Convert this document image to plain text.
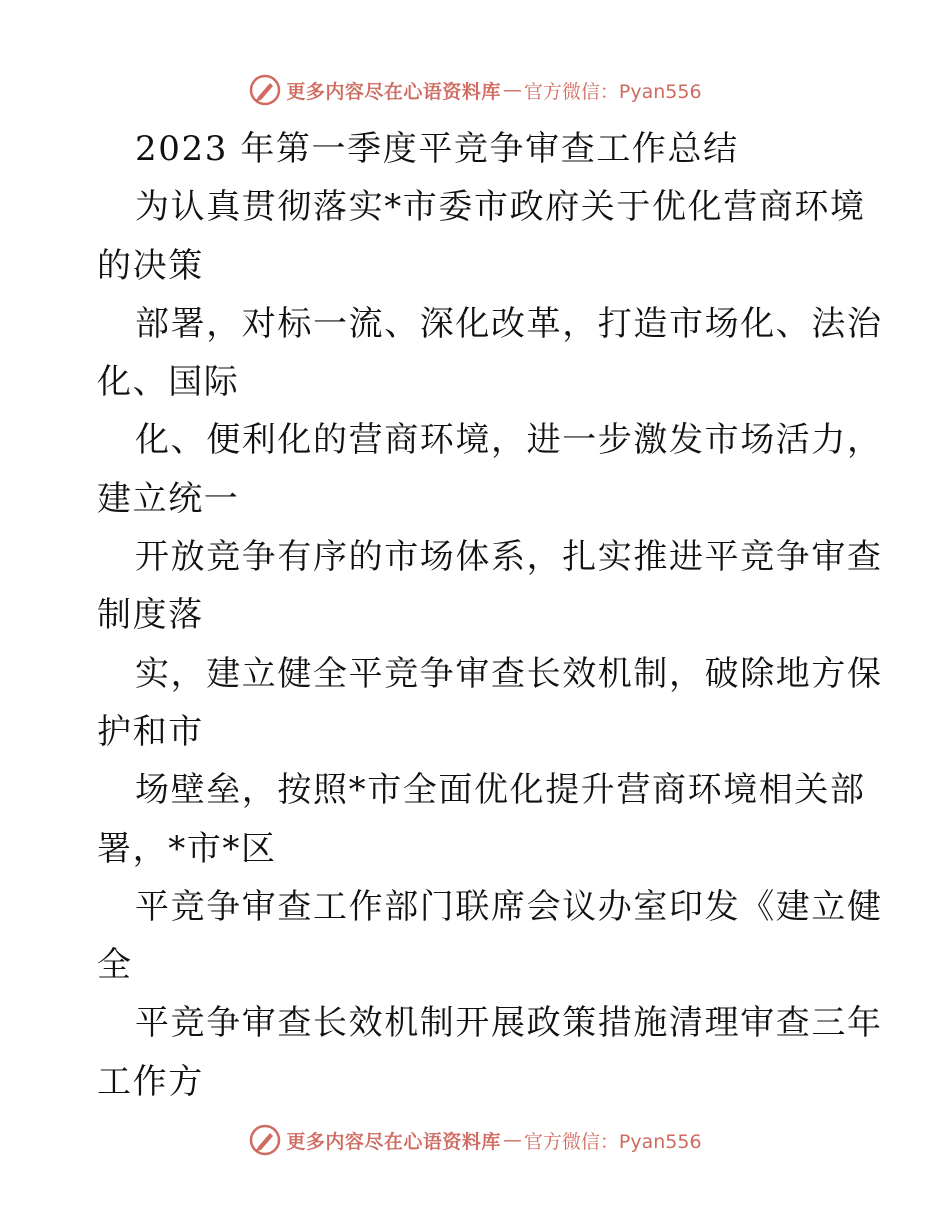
更多内容尽在心语资料库 — 官方微信：Pyan556
2023 年第一季度平竞争审查工作总结
为认真贯彻落实*市委市政府关于优化营商环境
的决策
部署，对标一流、深化改革，打造市场化、法治
化、国际
化、便利化的营商环境，进一步激发市场活力，
建立统一
开放竞争有序的市场体系，扎实推进平竞争审查
制度落
实，建立健全平竞争审查长效机制，破除地方保
护和市
场壁垒，按照*市全面优化提升营商环境相关部
署，*市*区
平竞争审查工作部门联席会议办室印发《建立健
全
平竞争审查长效机制开展政策措施清理审查三年
工作方
更多内容尽在心语资料库 — 官方微信：Pyan556
